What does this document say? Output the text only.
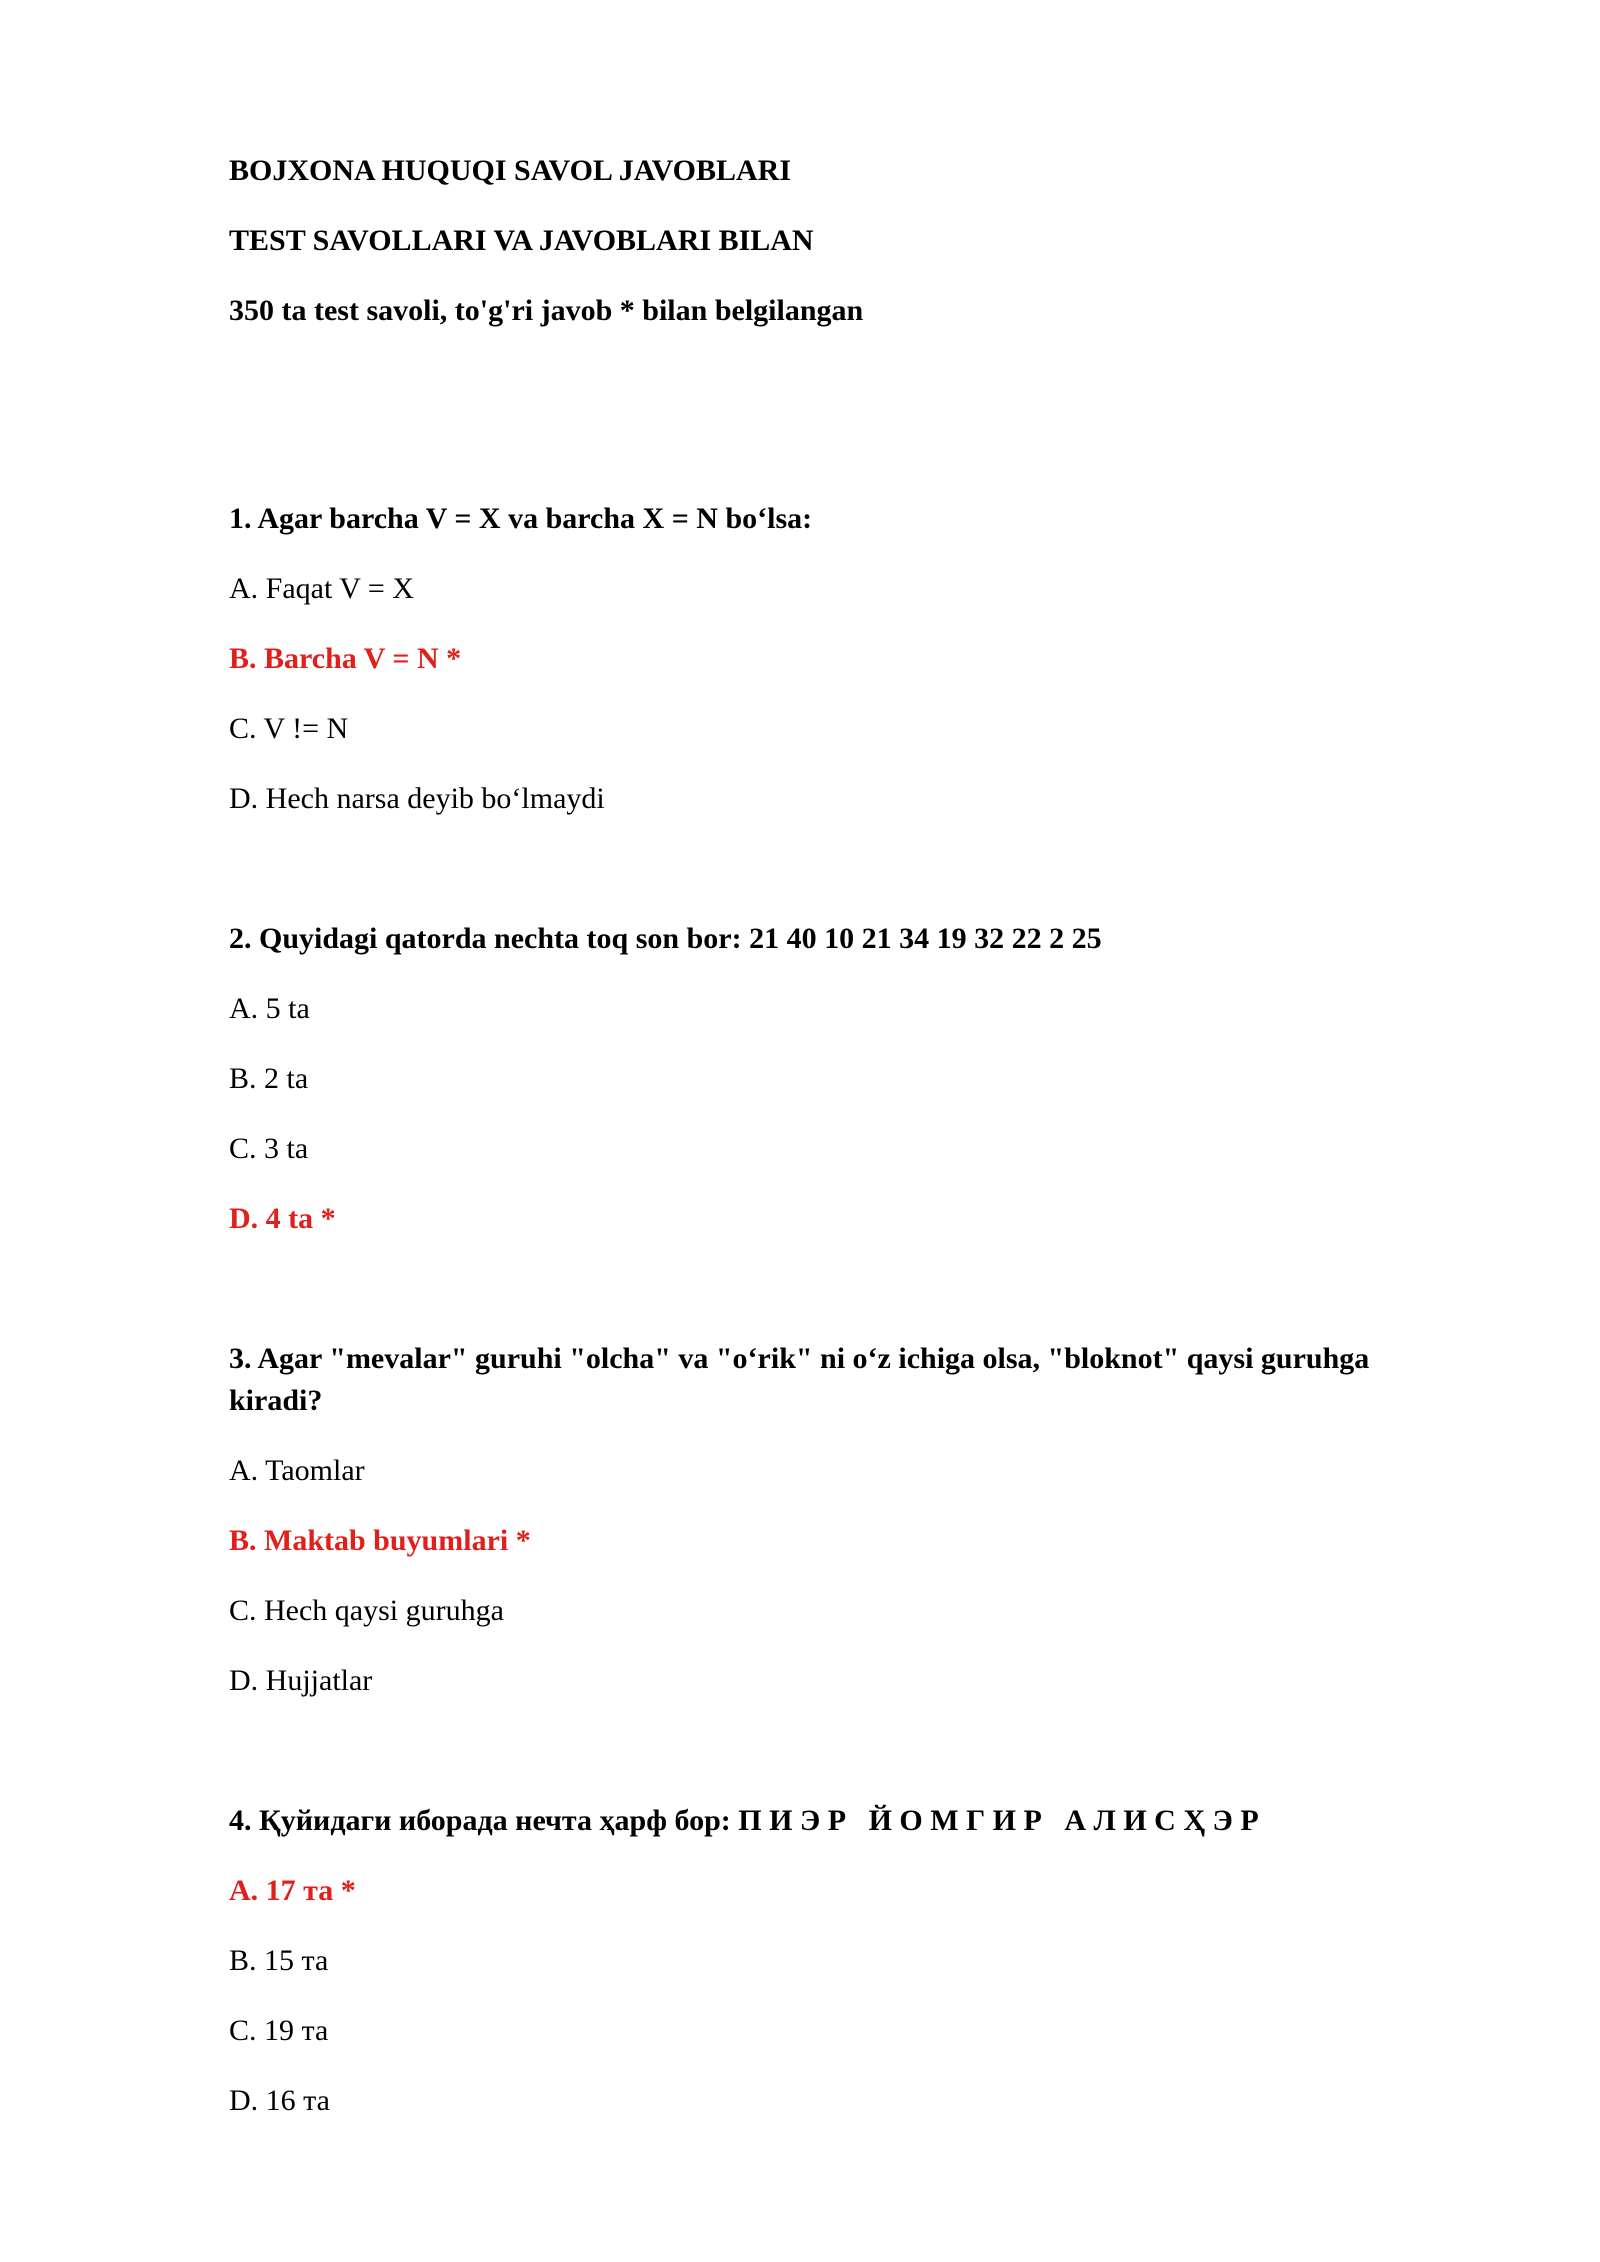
BOJXONA HUQUQI SAVOL JAVOBLARI
TEST SAVOLLARI VA JAVOBLARI BILAN
350 ta test savoli, to'g'ri javob * bilan belgilangan
1. Agar barcha V = X va barcha X = N bo‘lsa:
A. Faqat V = X
B. Barcha V = N *
C. V != N
D. Hech narsa deyib bo‘lmaydi
2. Quyidagi qatorda nechta toq son bor: 21 40 10 21 34 19 32 22 2 25
A. 5 ta
B. 2 ta
C. 3 ta
D. 4 ta *
3. Agar "mevalar" guruhi "olcha" va "o‘rik" ni o‘z ichiga olsa, "bloknot" qaysi guruhga kiradi?
A. Taomlar
B. Maktab buyumlari *
C. Hech qaysi guruhga
D. Hujjatlar
4. Қуйидаги иборада нечта ҳарф бор: П И Э Р   Й О М Г И Р   А Л И С Ҳ Э Р
А. 17 та *
B. 15 та
C. 19 та
D. 16 та
